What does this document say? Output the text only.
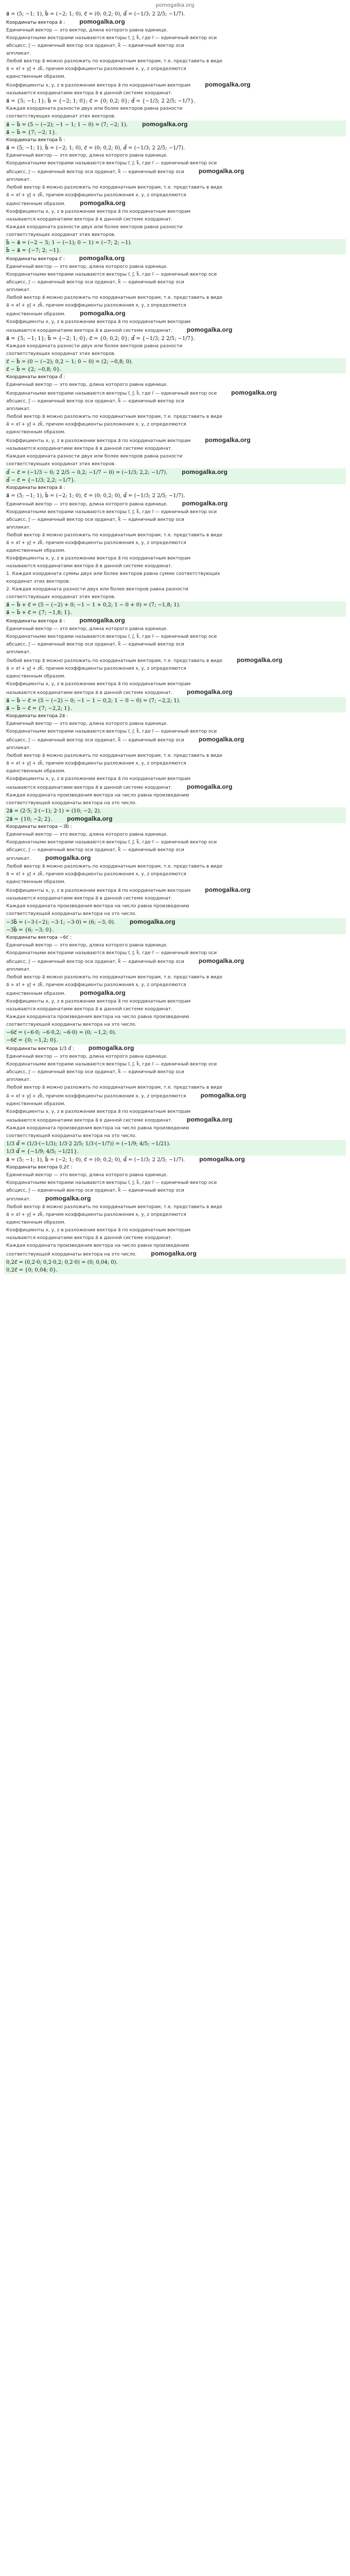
pomogalka.org
a⃗ = (5; −1; 1), b⃗ = (−2; 1; 0), c⃗ = (0; 0,2; 0), d⃗ = (−1/3; 2 2/5; −1/7).
Координаты вектора a⃗ : pomogalka.org
Единичный вектор — это вектор, длина которого равна единице.
Координатными векторами называются векторы i⃗, j⃗, k⃗, где i⃗ — единичный вектор оси
абсцисс, j⃗ — единичный вектор оси ординат, k⃗ — единичный вектор оси
аппликат.
Любой вектор a⃗ можно разложить по координатным векторам, т.е. представить в виде
a⃗ = xi⃗ + yj⃗ + zk⃗, причем коэффициенты разложения x, y, z определяются
единственным образом.
Коэффициенты x, y, z в разложении вектора a⃗ по координатным векторам pomogalka.org
называются координатами вектора a⃗ в данной системе координат.
a⃗ = {5; −1; 1}; b⃗ = {−2; 1; 0}; c⃗ = {0; 0,2; 0}; d⃗ = {−1/3; 2 2/5; −1/7}.
Каждая координата разности двух или более векторов равна разности
соответствующих координат этих векторов.
a⃗ − b⃗ = (5 − (−2); −1 − 1; 1 − 0) = (7; −2; 1). pomogalka.org
a⃗ − b⃗ = {7; −2; 1}.
Координаты вектора b⃗ :
a⃗ = (5; −1; 1), b⃗ = (−2; 1; 0), c⃗ = (0; 0,2; 0), d⃗ = (−1/3; 2 2/5; −1/7).
Единичный вектор — это вектор, длина которого равна единице.
Координатными векторами называются векторы i⃗, j⃗, k⃗, где i⃗ — единичный вектор оси
абсцисс, j⃗ — единичный вектор оси ординат, k⃗ — единичный вектор оси pomogalka.org
аппликат.
Любой вектор a⃗ можно разложить по координатным векторам, т.е. представить в виде
a⃗ = xi⃗ + yj⃗ + zk⃗, причем коэффициенты разложения x, y, z определяются
единственным образом. pomogalka.org
Коэффициенты x, y, z в разложении вектора a⃗ по координатным векторам
называются координатами вектора a⃗ в данной системе координат.
Каждая координата разности двух или более векторов равна разности
соответствующих координат этих векторов.
b⃗ − a⃗ = (−2 − 5; 1 − (−1); 0 − 1) = (−7; 2; −1).
b⃗ − a⃗ = {−7; 2; −1}.
Координаты вектора c⃗ : pomogalka.org
Единичный вектор — это вектор, длина которого равна единице.
Координатными векторами называются векторы i⃗, j⃗, k⃗, где i⃗ — единичный вектор оси
абсцисс, j⃗ — единичный вектор оси ординат, k⃗ — единичный вектор оси
аппликат.
Любой вектор a⃗ можно разложить по координатным векторам, т.е. представить в виде
a⃗ = xi⃗ + yj⃗ + zk⃗, причем коэффициенты разложения x, y, z определяются
единственным образом. pomogalka.org
Коэффициенты x, y, z в разложении вектора a⃗ по координатным векторам
называются координатами вектора a⃗ в данной системе координат. pomogalka.org
a⃗ = {5; −1; 1}; b⃗ = {−2; 1; 0}; c⃗ = {0; 0,2; 0}; d⃗ = {−1/3; 2 2/5; −1/7}.
Каждая координата разности двух или более векторов равна разности
соответствующих координат этих векторов.
c⃗ − b⃗ = (0 − (−2); 0,2 − 1; 0 − 0) = (2; −0,8; 0).
c⃗ − b⃗ = {2; −0,8; 0}.
Координаты вектора d⃗ :
Единичный вектор — это вектор, длина которого равна единице.
Координатными векторами называются векторы i⃗, j⃗, k⃗, где i⃗ — единичный вектор оси pomogalka.org
абсцисс, j⃗ — единичный вектор оси ординат, k⃗ — единичный вектор оси
аппликат.
Любой вектор a⃗ можно разложить по координатным векторам, т.е. представить в виде
a⃗ = xi⃗ + yj⃗ + zk⃗, причем коэффициенты разложения x, y, z определяются
единственным образом.
Коэффициенты x, y, z в разложении вектора a⃗ по координатным векторам pomogalka.org
называются координатами вектора a⃗ в данной системе координат.
Каждая координата разности двух или более векторов равна разности
соответствующих координат этих векторов.
d⃗ − c⃗ = (−1/3 − 0; 2 2/5 − 0,2; −1/7 − 0) = (−1/3; 2,2; −1/7). pomogalka.org
d⃗ − c⃗ = {−1/3; 2,2; −1/7}.
Координаты вектора a⃗ :
a⃗ = (5; −1; 1), b⃗ = (−2; 1; 0), c⃗ = (0; 0,2; 0), d⃗ = (−1/3; 2 2/5; −1/7).
Единичный вектор — это вектор, длина которого равна единице. pomogalka.org
Координатными векторами называются векторы i⃗, j⃗, k⃗, где i⃗ — единичный вектор оси
абсцисс, j⃗ — единичный вектор оси ординат, k⃗ — единичный вектор оси
аппликат.
Любой вектор a⃗ можно разложить по координатным векторам, т.е. представить в виде
a⃗ = xi⃗ + yj⃗ + zk⃗, причем коэффициенты разложения x, y, z определяются
единственным образом.
Коэффициенты x, y, z в разложении вектора a⃗ по координатным векторам
называются координатами вектора a⃗ в данной системе координат.
1. Каждая координата суммы двух или более векторов равна сумме соответствующих
координат этих векторов.
2. Каждая координата разности двух или более векторов равна разности
соответствующих координат этих векторов.
a⃗ − b⃗ + c⃗ = (5 − (−2) + 0; −1 − 1 + 0,2; 1 − 0 + 0) = (7; −1,8; 1).
a⃗ − b⃗ + c⃗ = {7; −1,8; 1}.
Координаты вектора a⃗ : pomogalka.org
Единичный вектор — это вектор, длина которого равна единице.
Координатными векторами называются векторы i⃗, j⃗, k⃗, где i⃗ — единичный вектор оси
абсцисс, j⃗ — единичный вектор оси ординат, k⃗ — единичный вектор оси
аппликат.
Любой вектор a⃗ можно разложить по координатным векторам, т.е. представить в виде pomogalka.org
a⃗ = xi⃗ + yj⃗ + zk⃗, причем коэффициенты разложения x, y, z определяются
единственным образом.
Коэффициенты x, y, z в разложении вектора a⃗ по координатным векторам
называются координатами вектора a⃗ в данной системе координат. pomogalka.org
a⃗ − b⃗ − c⃗ = (5 − (−2) − 0; −1 − 1 − 0,2; 1 − 0 − 0) = (7; −2,2; 1).
a⃗ − b⃗ − c⃗ = {7; −2,2; 1}.
Координаты вектора 2a⃗ :
Единичный вектор — это вектор, длина которого равна единице.
Координатными векторами называются векторы i⃗, j⃗, k⃗, где i⃗ — единичный вектор оси
абсцисс, j⃗ — единичный вектор оси ординат, k⃗ — единичный вектор оси pomogalka.org
аппликат.
Любой вектор a⃗ можно разложить по координатным векторам, т.е. представить в виде
a⃗ = xi⃗ + yj⃗ + zk⃗, причем коэффициенты разложения x, y, z определяются
единственным образом.
Коэффициенты x, y, z в разложении вектора a⃗ по координатным векторам
называются координатами вектора a⃗ в данной системе координат. pomogalka.org
Каждая координата произведения вектора на число равна произведению
соответствующей координаты вектора на это число.
2a⃗ = (2·5; 2·(−1); 2·1) = (10; −2; 2).
2a⃗ = {10; −2; 2}. pomogalka.org
Координаты вектора −3b⃗ :
Единичный вектор — это вектор, длина которого равна единице.
Координатными векторами называются векторы i⃗, j⃗, k⃗, где i⃗ — единичный вектор оси
абсцисс, j⃗ — единичный вектор оси ординат, k⃗ — единичный вектор оси
аппликат. pomogalka.org
Любой вектор a⃗ можно разложить по координатным векторам, т.е. представить в виде
a⃗ = xi⃗ + yj⃗ + zk⃗, причем коэффициенты разложения x, y, z определяются
единственным образом.
Коэффициенты x, y, z в разложении вектора a⃗ по координатным векторам pomogalka.org
называются координатами вектора a⃗ в данной системе координат.
Каждая координата произведения вектора на число равна произведению
соответствующей координаты вектора на это число.
−3b⃗ = (−3·(−2); −3·1; −3·0) = (6; −3; 0). pomogalka.org
−3b⃗ = {6; −3; 0}.
Координаты вектора −6c⃗ :
Единичный вектор — это вектор, длина которого равна единице.
Координатными векторами называются векторы i⃗, j⃗, k⃗, где i⃗ — единичный вектор оси
абсцисс, j⃗ — единичный вектор оси ординат, k⃗ — единичный вектор оси pomogalka.org
аппликат.
Любой вектор a⃗ можно разложить по координатным векторам, т.е. представить в виде
a⃗ = xi⃗ + yj⃗ + zk⃗, причем коэффициенты разложения x, y, z определяются
единственным образом. pomogalka.org
Коэффициенты x, y, z в разложении вектора a⃗ по координатным векторам
называются координатами вектора a⃗ в данной системе координат.
Каждая координата произведения вектора на число равна произведению
соответствующей координаты вектора на это число.
−6c⃗ = (−6·0; −6·0,2; −6·0) = (0; −1,2; 0).
−6c⃗ = {0; −1,2; 0}.
Координаты вектора 1/3 d⃗ : pomogalka.org
Единичный вектор — это вектор, длина которого равна единице.
Координатными векторами называются векторы i⃗, j⃗, k⃗, где i⃗ — единичный вектор оси
абсцисс, j⃗ — единичный вектор оси ординат, k⃗ — единичный вектор оси
аппликат.
Любой вектор a⃗ можно разложить по координатным векторам, т.е. представить в виде
a⃗ = xi⃗ + yj⃗ + zk⃗, причем коэффициенты разложения x, y, z определяются pomogalka.org
единственным образом.
Коэффициенты x, y, z в разложении вектора a⃗ по координатным векторам
называются координатами вектора a⃗ в данной системе координат. pomogalka.org
Каждая координата произведения вектора на число равна произведению
соответствующей координаты вектора на это число.
1/3 d⃗ = (1/3·(−1/3); 1/3·2 2/5; 1/3·(−1/7)) = (−1/9; 4/5; −1/21).
1/3 d⃗ = {−1/9; 4/5; −1/21}.
a⃗ = (5; −1; 1), b⃗ = (−2; 1; 0), c⃗ = (0; 0,2; 0), d⃗ = (−1/3; 2 2/5; −1/7). pomogalka.org
Координаты вектора 0,2c⃗ :
Единичный вектор — это вектор, длина которого равна единице.
Координатными векторами называются векторы i⃗, j⃗, k⃗, где i⃗ — единичный вектор оси
абсцисс, j⃗ — единичный вектор оси ординат, k⃗ — единичный вектор оси
аппликат. pomogalka.org
Любой вектор a⃗ можно разложить по координатным векторам, т.е. представить в виде
a⃗ = xi⃗ + yj⃗ + zk⃗, причем коэффициенты разложения x, y, z определяются
единственным образом.
Коэффициенты x, y, z в разложении вектора a⃗ по координатным векторам
называются координатами вектора a⃗ в данной системе координат.
Каждая координата произведения вектора на число равна произведению
соответствующей координаты вектора на это число. pomogalka.org
0,2c⃗ = (0,2·0; 0,2·0,2; 0,2·0) = (0; 0,04; 0).
0,2c⃗ = {0; 0,04; 0}.
